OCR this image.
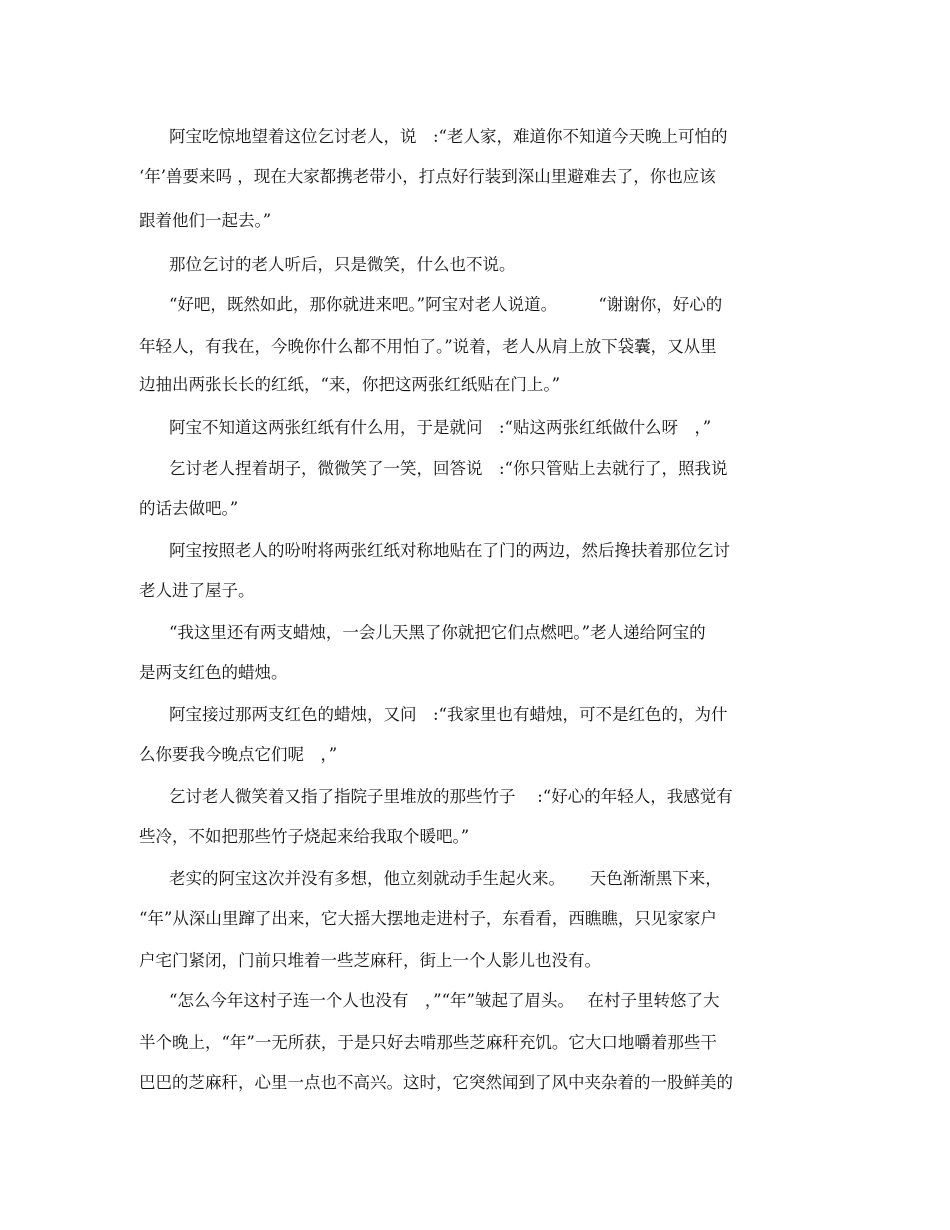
阿宝吃惊地望着这位乞讨老人，说　:“老人家，难道你不知道今天晚上可怕的
‘年’兽要来吗 ，现在大家都携老带小，打点好行装到深山里避难去了，你也应该
跟着他们一起去。”
那位乞讨的老人听后，只是微笑，什么也不说。
“好吧，既然如此，那你就进来吧。”阿宝对老人说道。　　　“谢谢你，好心的
年轻人，有我在，今晚你什么都不用怕了。”说着，老人从肩上放下袋囊，又从里
边抽出两张长长的红纸，“来，你把这两张红纸贴在门上。”
阿宝不知道这两张红纸有什么用，于是就问　:“贴这两张红纸做什么呀　，”
乞讨老人捏着胡子，微微笑了一笑，回答说　:“你只管贴上去就行了，照我说
的话去做吧。”
阿宝按照老人的吩咐将两张红纸对称地贴在了门的两边，然后搀扶着那位乞讨
老人进了屋子。
“我这里还有两支蜡烛，一会儿天黑了你就把它们点燃吧。”老人递给阿宝的
是两支红色的蜡烛。
阿宝接过那两支红色的蜡烛，又问　:“我家里也有蜡烛，可不是红色的，为什
么你要我今晚点它们呢　，”
乞讨老人微笑着又指了指院子里堆放的那些竹子　 :“好心的年轻人，我感觉有
些冷，不如把那些竹子烧起来给我取个暖吧。”
老实的阿宝这次并没有多想，他立刻就动手生起火来。　　天色渐渐黑下来，
“年”从深山里蹿了出来，它大摇大摆地走进村子，东看看，西瞧瞧，只见家家户
户宅门紧闭，门前只堆着一些芝麻秆，街上一个人影儿也没有。
“怎么今年这村子连一个人也没有　，”“年”皱起了眉头。　 在村子里转悠了大
半个晚上，“年”一无所获，于是只好去啃那些芝麻秆充饥。它大口地嚼着那些干
巴巴的芝麻秆，心里一点也不高兴。这时，它突然闻到了风中夹杂着的一股鲜美的
